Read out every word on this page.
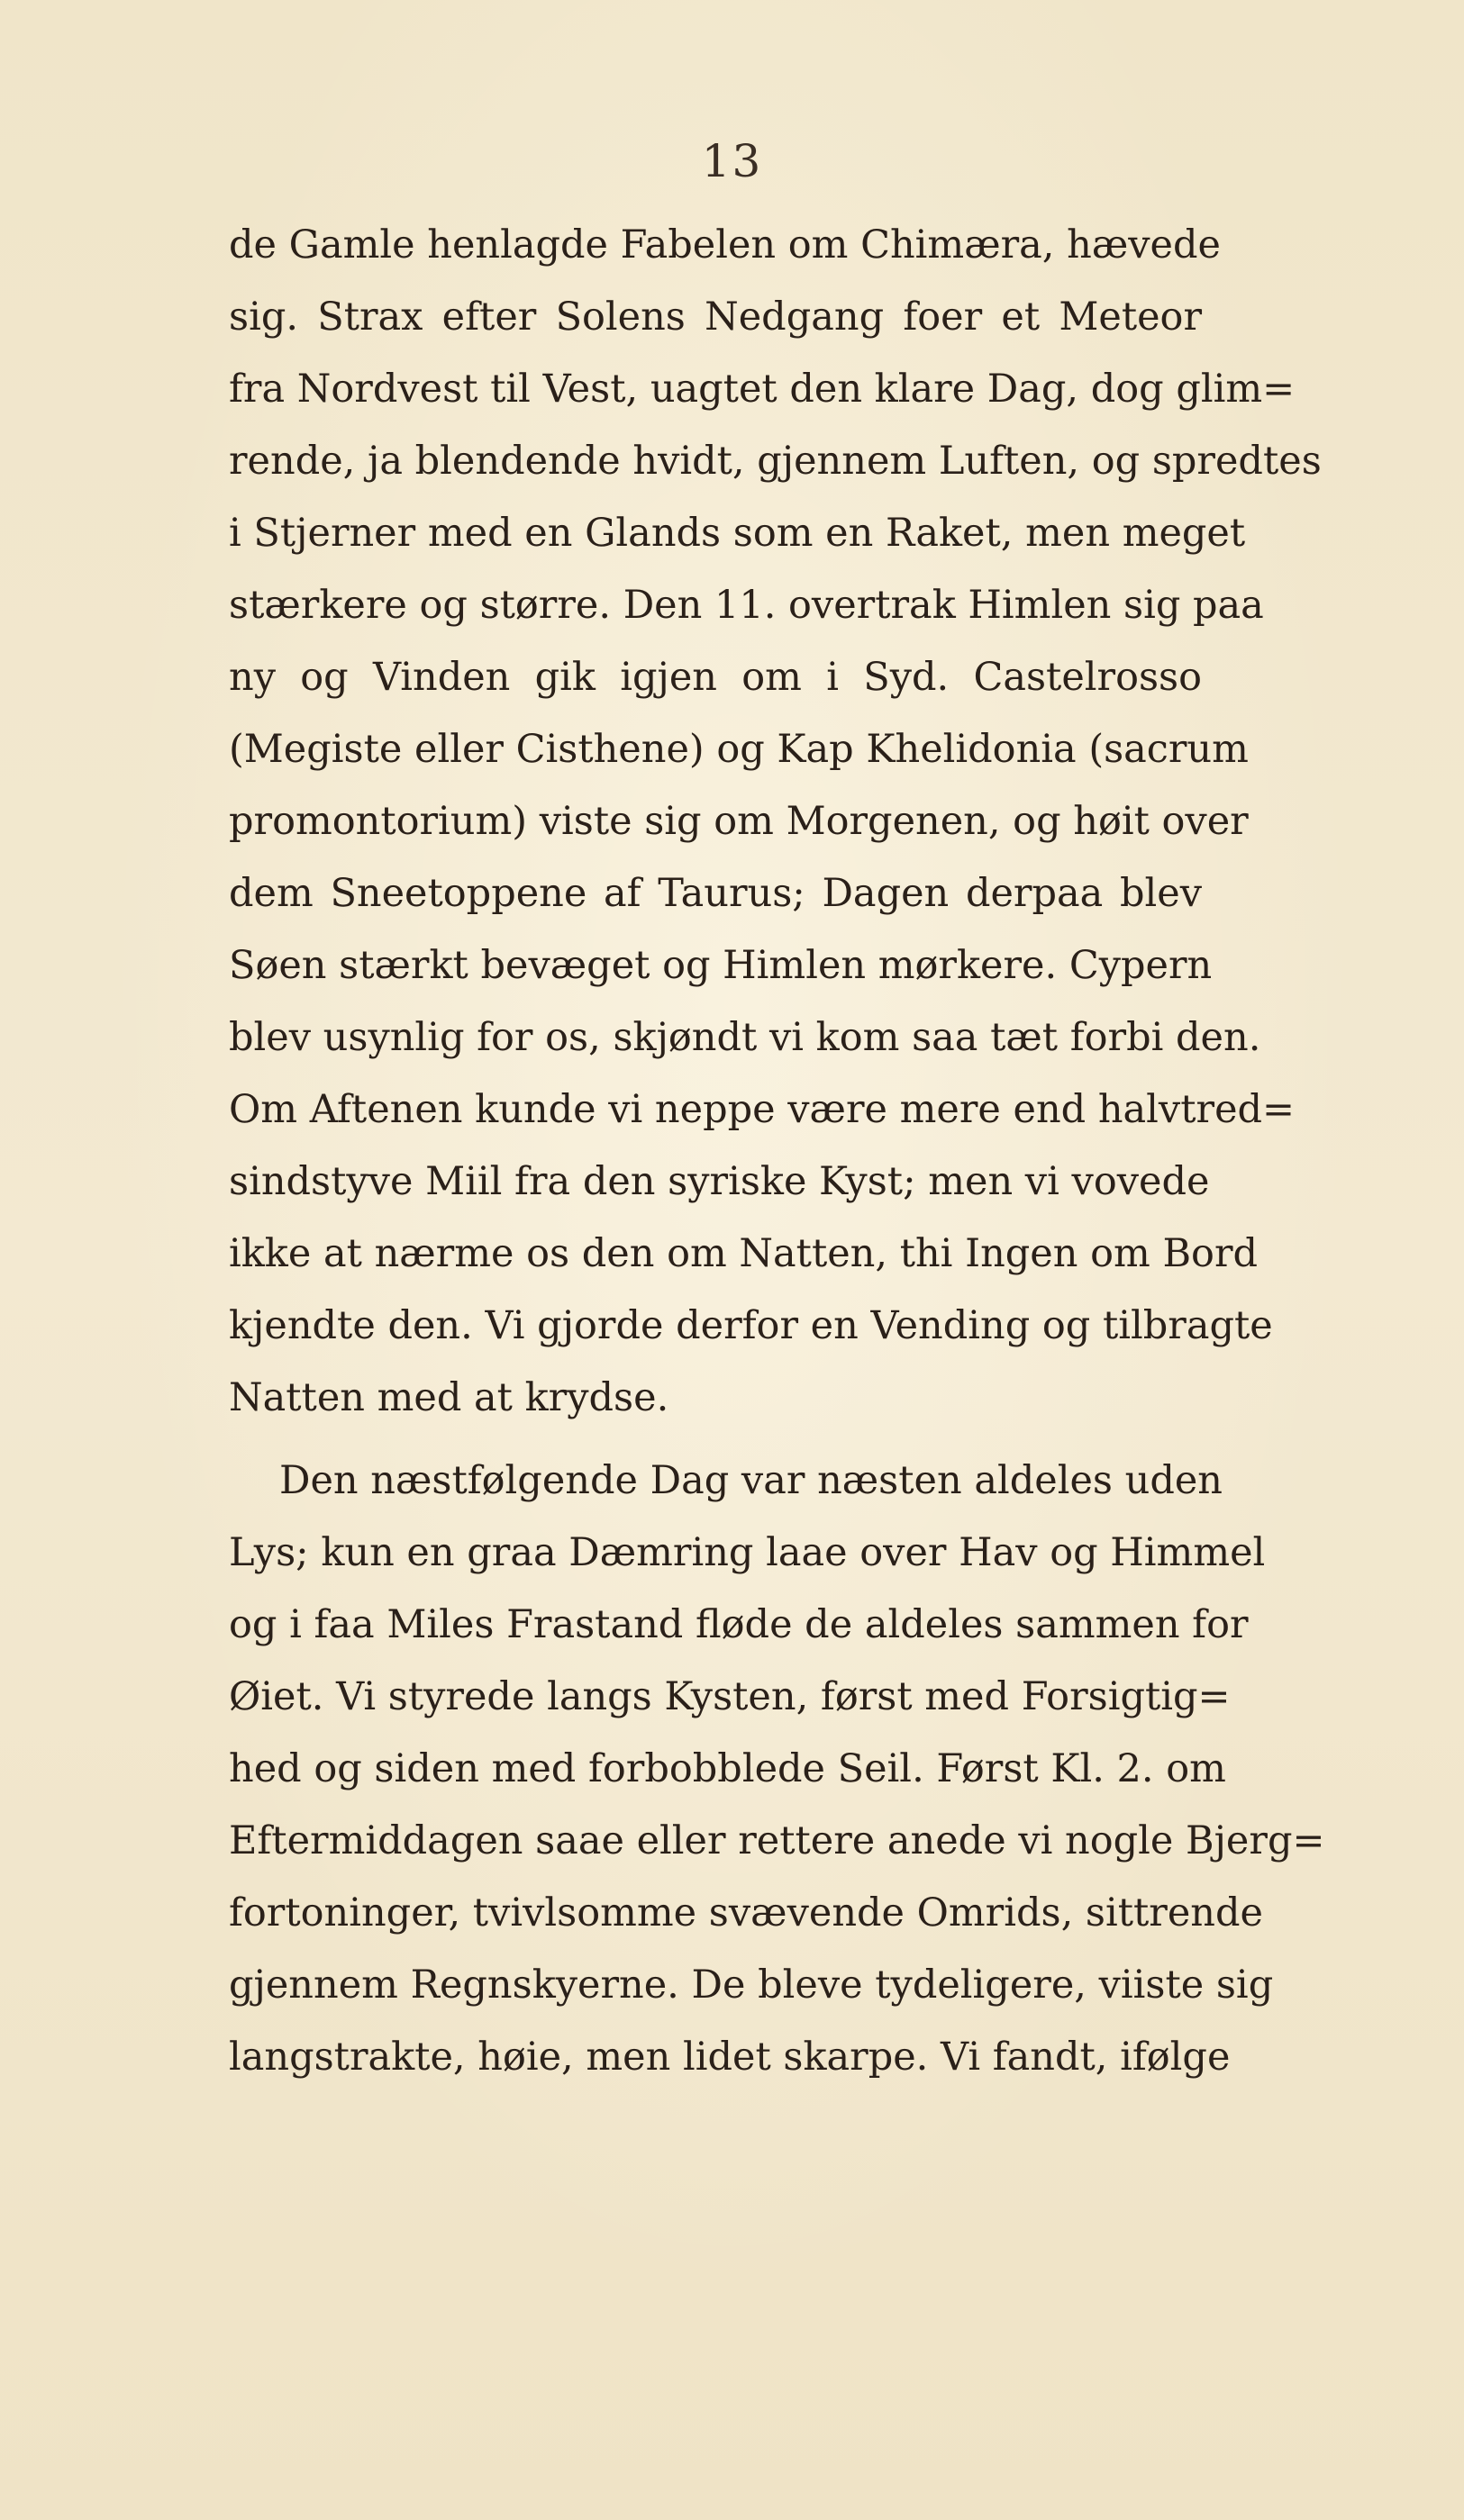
13
de Gamle henlagde Fabelen om Chimæra, hævede
sig. Strax efter Solens Nedgang foer et Meteor
fra Nordvest til Vest, uagtet den klare Dag, dog glim=
rende, ja blendende hvidt, gjennem Luften, og spredtes
i Stjerner med en Glands som en Raket, men meget
stærkere og større. Den 11. overtrak Himlen sig paa
ny og Vinden gik igjen om i Syd. Castelrosso
(Megiste eller Cisthene) og Kap Khelidonia (sacrum
promontorium) viste sig om Morgenen, og høit over
dem Sneetoppene af Taurus; Dagen derpaa blev
Søen stærkt bevæget og Himlen mørkere. Cypern
blev usynlig for os, skjøndt vi kom saa tæt forbi den.
Om Aftenen kunde vi neppe være mere end halvtred=
sindstyve Miil fra den syriske Kyst; men vi vovede
ikke at nærme os den om Natten, thi Ingen om Bord
kjendte den. Vi gjorde derfor en Vending og tilbragte
Natten med at krydse.
Den næstfølgende Dag var næsten aldeles uden
Lys; kun en graa Dæmring laae over Hav og Himmel
og i faa Miles Frastand fløde de aldeles sammen for
Øiet. Vi styrede langs Kysten, først med Forsigtig=
hed og siden med forbobblede Seil. Først Kl. 2. om
Eftermiddagen saae eller rettere anede vi nogle Bjerg=
fortoninger, tvivlsomme svævende Omrids, sittrende
gjennem Regnskyerne. De bleve tydeligere, viiste sig
langstrakte, høie, men lidet skarpe. Vi fandt, ifølge
